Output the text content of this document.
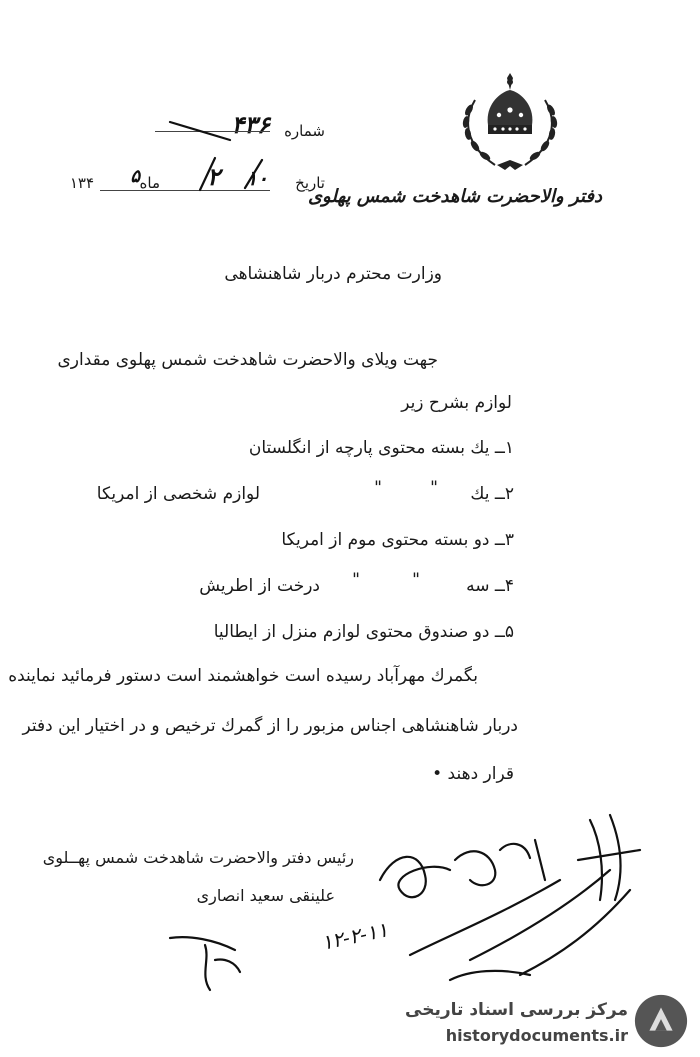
دفتر والاحضرت شاهدخت شمس پهلوی
شماره
۴۳۶
تاریخ
۲ ۱۰
ماه
۵
۱۳۴
وزارت محترم دربار شاهنشاهی
جهت ویلای والاحضرت شاهدخت شمس پهلوی مقداری
لوازم بشرح زیر
۱ــ یك بسته محتوی پارچه از انگلستان
۲ــ یك
"
"
لوازم شخصی از امریکا
۳ــ دو بسته محتوی موم از امریکا
۴ــ سه
"
"
درخت از اطریش
۵ــ دو صندوق محتوی لوازم منزل از ایطالیا
بگمرك مهرآباد رسیده است خواهشمند است دستور فرمائید نماینده
دربار شاهنشاهی اجناس مزبور را از گمرك ترخیص و در اختیار این دفتر
قرار دهند •
رئیس دفتر والاحضرت شاهدخت شمس پهــلوی
علینقی سعید انصاری
۱۲-۲-۱۱
مرکز بررسی اسناد تاریخی
historydocuments.ir
